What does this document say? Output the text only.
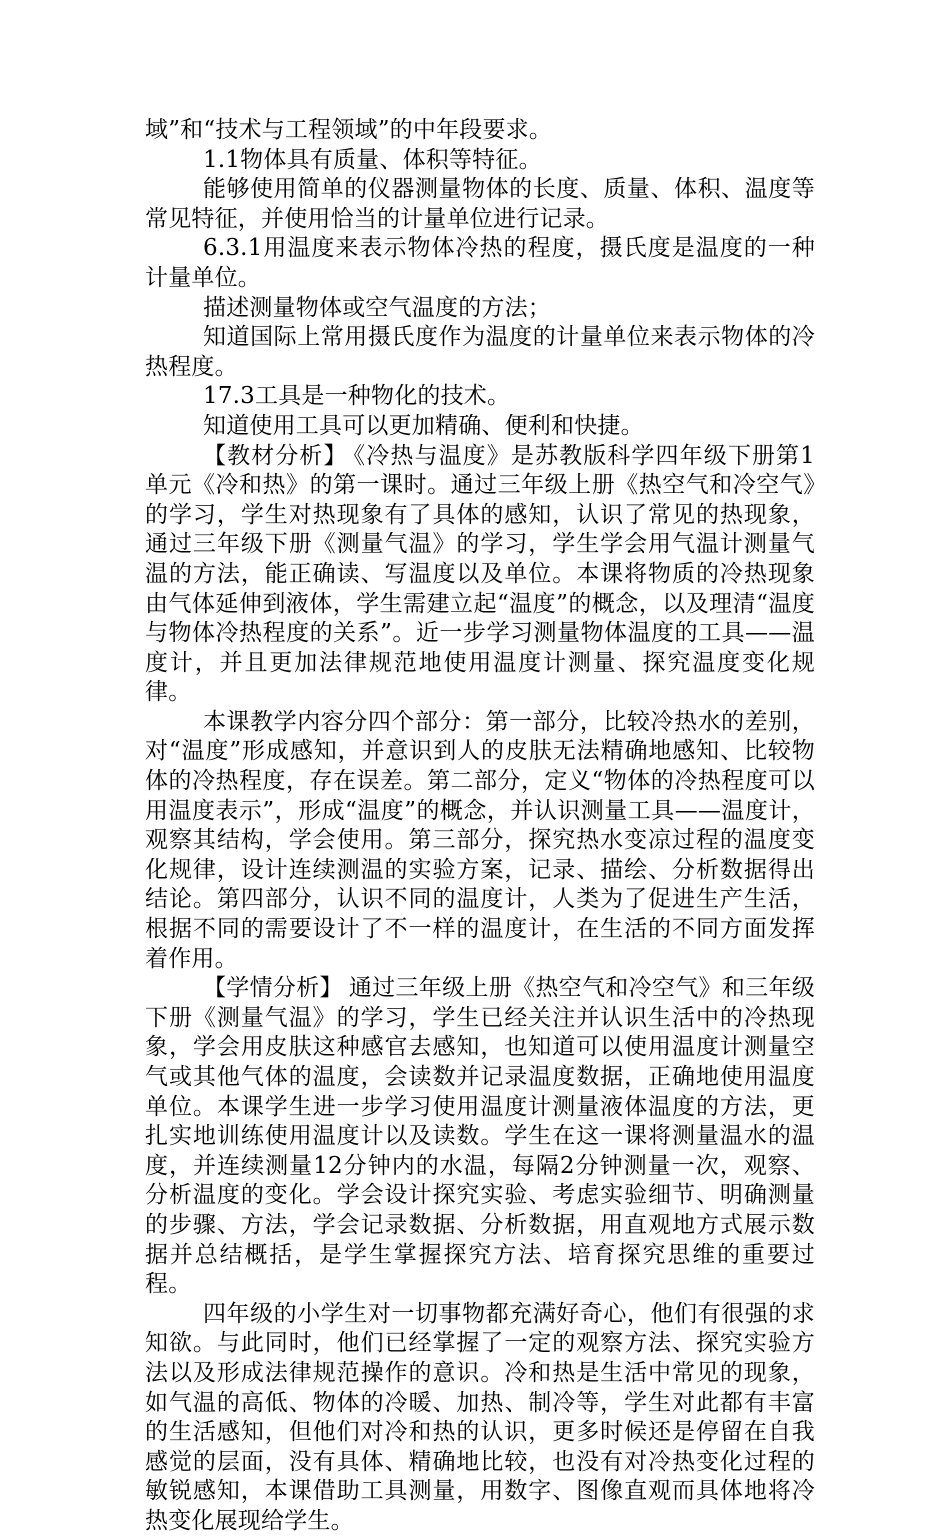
域”和“技术与工程领域”的中年段要求。

1.1物体具有质量、体积等特征。

能够使用简单的仪器测量物体的长度、质量、体积、温度等常见特征，并使用恰当的计量单位进行记录。

6.3.1用温度来表示物体冷热的程度，摄氏度是温度的一种计量单位。

描述测量物体或空气温度的方法；

知道国际上常用摄氏度作为温度的计量单位来表示物体的冷热程度。

17.3工具是一种物化的技术。

知道使用工具可以更加精确、便利和快捷。

【教材分析】 《冷热与温度》是苏教版科学四年级下册第1单元《冷和热》的第一课时。通过三年级上册《热空气和冷空气》的学习，学生对热现象有了具体的感知，认识了常见的热现象，通过三年级下册《测量气温》的学习，学生学会用气温计测量气温的方法，能正确读、写温度以及单位。本课将物质的冷热现象由气体延伸到液体，学生需建立起“温度”的概念，以及理清“温度与物体冷热程度的关系”。近一步学习测量物体温度的工具——温度计，并且更加法律规范地使用温度计测量、探究温度变化规律。

本课教学内容分四个部分：第一部分，比较冷热水的差别，对“温度”形成感知，并意识到人的皮肤无法精确地感知、比较物体的冷热程度，存在误差。第二部分，定义“物体的冷热程度可以用温度表示”，形成“温度”的概念，并认识测量工具——温度计，观察其结构，学会使用。第三部分，探究热水变凉过程的温度变化规律，设计连续测温的实验方案，记录、描绘、分析数据得出结论。第四部分，认识不同的温度计，人类为了促进生产生活，根据不同的需要设计了不一样的温度计，在生活的不同方面发挥着作用。

【学情分析】 通过三年级上册《热空气和冷空气》和三年级下册《测量气温》的学习，学生已经关注并认识生活中的冷热现象，学会用皮肤这种感官去感知，也知道可以使用温度计测量空气或其他气体的温度，会读数并记录温度数据，正确地使用温度单位。本课学生进一步学习使用温度计测量液体温度的方法，更扎实地训练使用温度计以及读数。学生在这一课将测量温水的温度，并连续测量12分钟内的水温，每隔2分钟测量一次，观察、分析温度的变化。学会设计探究实验、考虑实验细节、明确测量的步骤、方法，学会记录数据、分析数据，用直观地方式展示数据并总结概括，是学生掌握探究方法、培育探究思维的重要过程。

四年级的小学生对一切事物都充满好奇心，他们有很强的求知欲。与此同时，他们已经掌握了一定的观察方法、探究实验方法以及形成法律规范操作的意识。冷和热是生活中常见的现象，如气温的高低、物体的冷暖、加热、制冷等，学生对此都有丰富的生活感知，但他们对冷和热的认识，更多时候还是停留在自我感觉的层面，没有具体、精确地比较，也没有对冷热变化过程的敏锐感知，本课借助工具测量，用数字、图像直观而具体地将冷热变化展现给学生。
